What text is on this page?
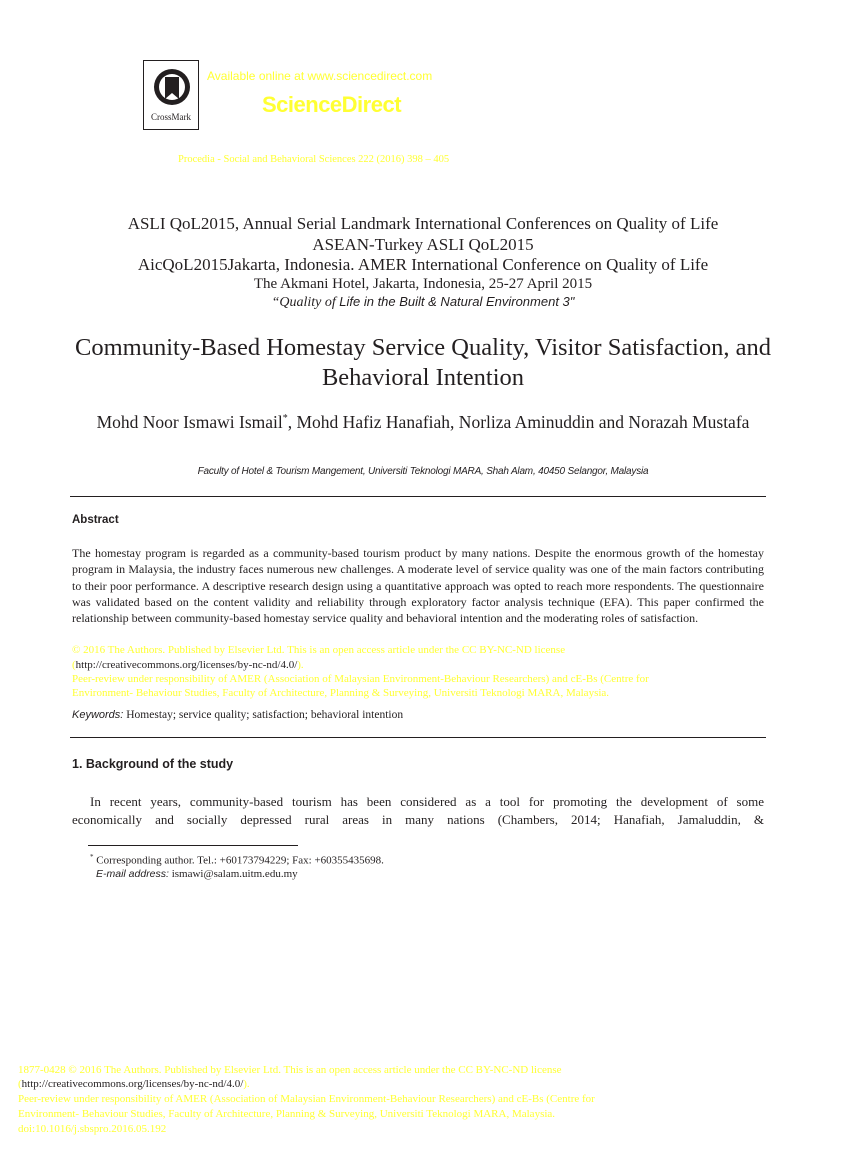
CrossMark
Available online at www.sciencedirect.com
ScienceDirect
Procedia - Social and Behavioral Sciences 222 (2016) 398 – 405
ASLI QoL2015, Annual Serial Landmark International Conferences on Quality of Life
ASEAN-Turkey ASLI QoL2015
AicQoL2015Jakarta, Indonesia. AMER International Conference on Quality of Life
The Akmani Hotel, Jakarta, Indonesia, 25-27 April 2015
“Quality of Life in the Built & Natural Environment 3"
Community-Based Homestay Service Quality, Visitor Satisfaction, and Behavioral Intention
Mohd Noor Ismawi Ismail*, Mohd Hafiz Hanafiah, Norliza Aminuddin and Norazah Mustafa
Faculty of Hotel & Tourism Mangement, Universiti Teknologi MARA, Shah Alam, 40450 Selangor, Malaysia
Abstract
The homestay program is regarded as a community-based tourism product by many nations. Despite the enormous growth of the homestay program in Malaysia, the industry faces numerous new challenges. A moderate level of service quality was one of the main factors contributing to their poor performance. A descriptive research design using a quantitative approach was opted to reach more respondents. The questionnaire was validated based on the content validity and reliability through exploratory factor analysis technique (EFA). This paper confirmed the relationship between community-based homestay service quality and behavioral intention and the moderating roles of satisfaction.
© 2016 The Authors. Published by Elsevier Ltd. This is an open access article under the CC BY-NC-ND license
(http://creativecommons.org/licenses/by-nc-nd/4.0/).
Peer-review under responsibility of AMER (Association of Malaysian Environment-Behaviour Researchers) and cE-Bs (Centre for
Environment- Behaviour Studies, Faculty of Architecture, Planning & Surveying, Universiti Teknologi MARA, Malaysia.
Keywords: Homestay; service quality; satisfaction; behavioral intention
1. Background of the study
In recent years, community-based tourism has been considered as a tool for promoting the development of some
economically and socially depressed rural areas in many nations (Chambers, 2014; Hanafiah, Jamaluddin, &
* Corresponding author. Tel.: +60173794229; Fax: +60355435698.
E-mail address: ismawi@salam.uitm.edu.my
1877-0428 © 2016 The Authors. Published by Elsevier Ltd. This is an open access article under the CC BY-NC-ND license
(http://creativecommons.org/licenses/by-nc-nd/4.0/).
Peer-review under responsibility of AMER (Association of Malaysian Environment-Behaviour Researchers) and cE-Bs (Centre for
Environment- Behaviour Studies, Faculty of Architecture, Planning & Surveying, Universiti Teknologi MARA, Malaysia.
doi:10.1016/j.sbspro.2016.05.192
